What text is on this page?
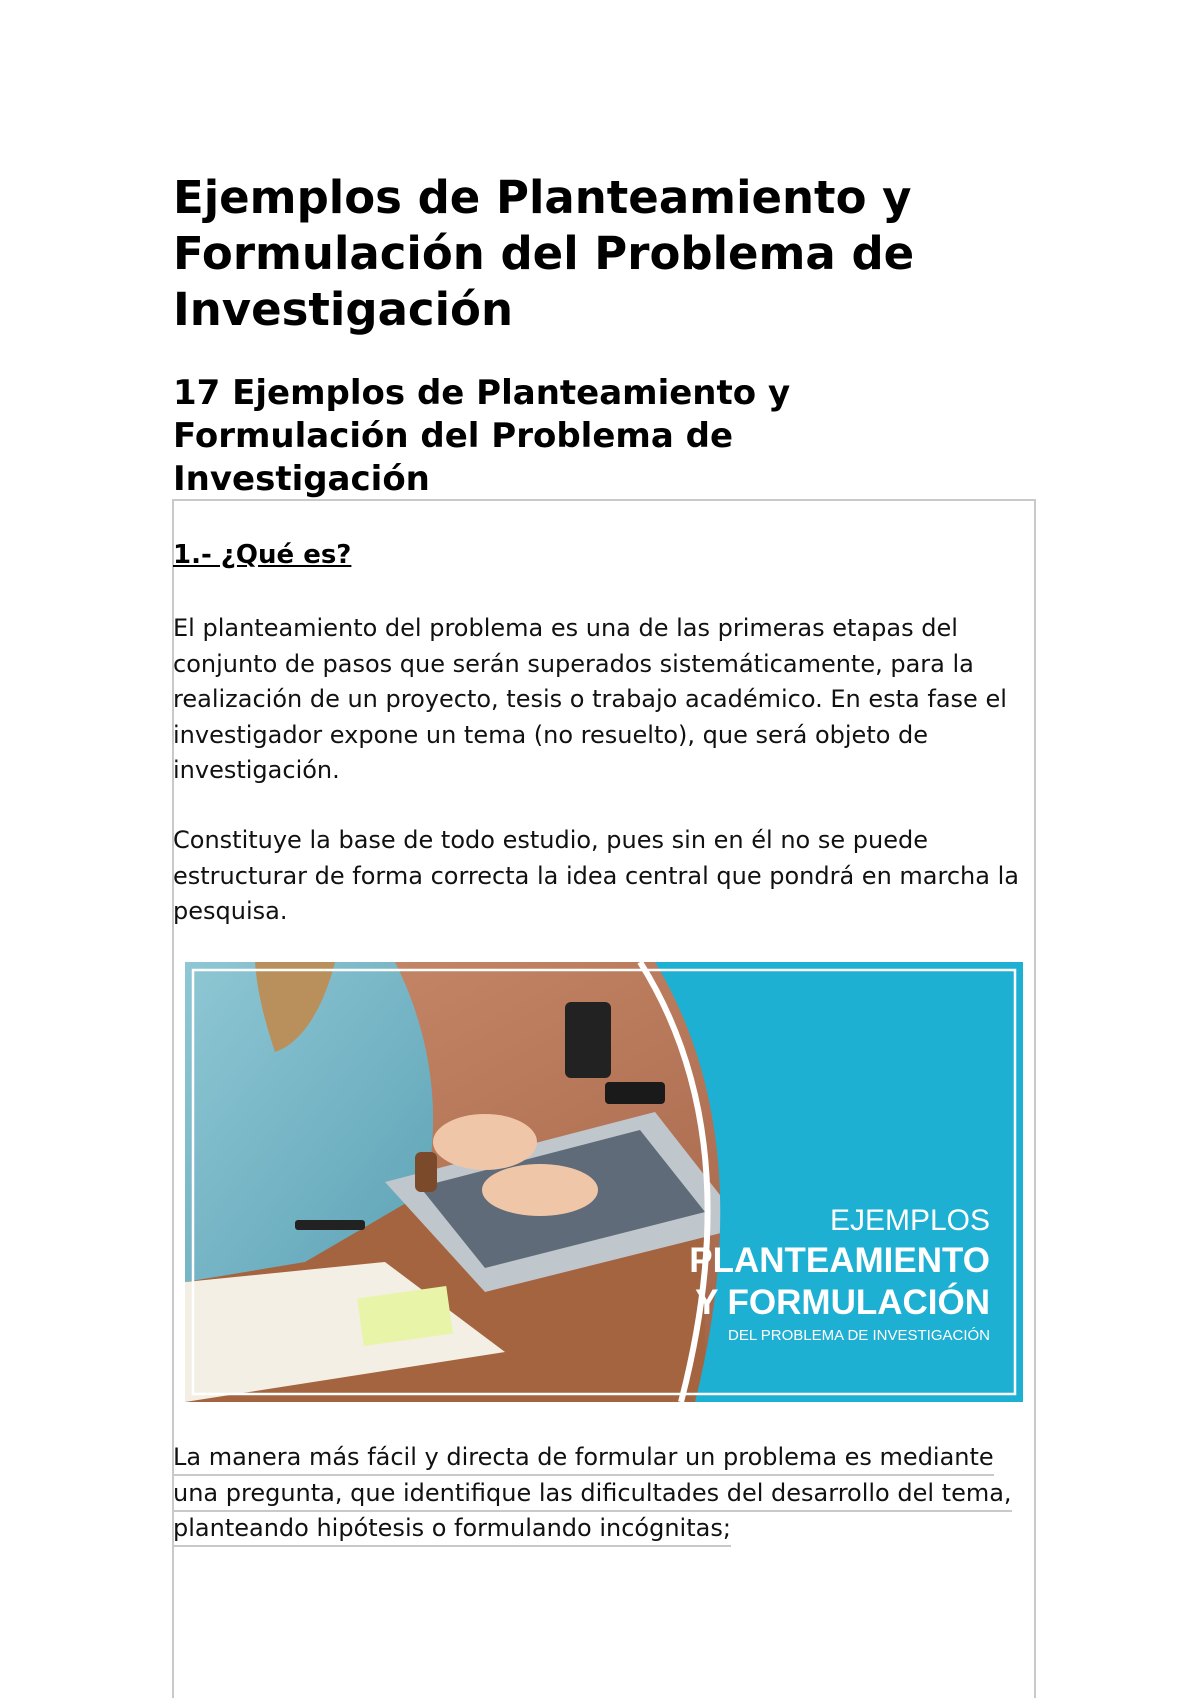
Ejemplos de Planteamiento y Formulación del Problema de Investigación
17 Ejemplos de Planteamiento y Formulación del Problema de Investigación
1.- ¿Qué es?

El planteamiento del problema es una de las primeras etapas del conjunto de pasos que serán superados sistemáticamente, para la realización de un proyecto, tesis o trabajo académico. En esta fase el investigador expone un tema (no resuelto), que será objeto de investigación.

Constituye la base de todo estudio, pues sin en él no se puede estructurar de forma correcta la idea central que pondrá en marcha la pesquisa.

EJEMPLOS
PLANTEAMIENTO
Y FORMULACIÓN
DEL PROBLEMA DE INVESTIGACIÓN

La manera más fácil y directa de formular un problema es mediante una pregunta, que identifique las dificultades del desarrollo del tema, planteando hipótesis o formulando incógnitas;
